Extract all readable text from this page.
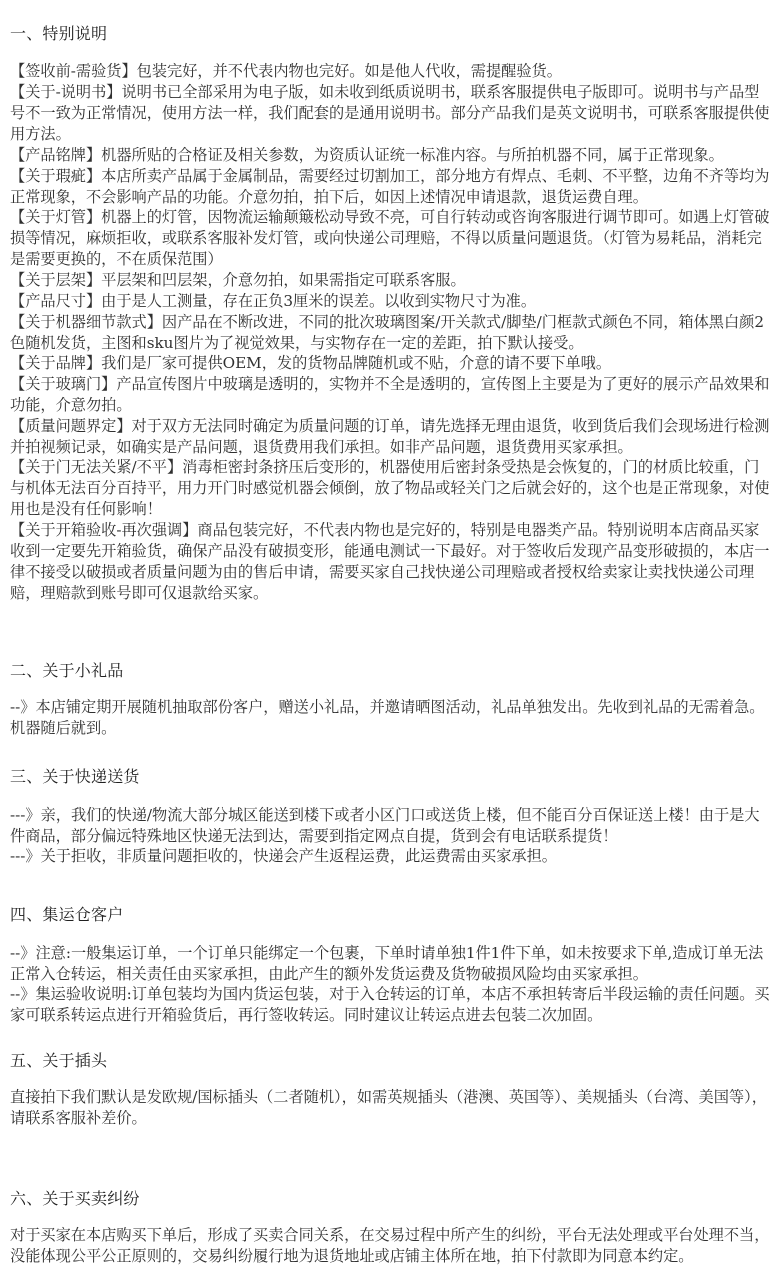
一、特别说明

【签收前-需验货】包装完好，并不代表内物也完好。如是他人代收，需提醒验货。

【关于-说明书】说明书已全部采用为电子版，如未收到纸质说明书，联系客服提供电子版即可。说明书与产品型号不一致为正常情况，使用方法一样，我们配套的是通用说明书。部分产品我们是英文说明书，可联系客服提供使用方法。

【产品铭牌】机器所贴的合格证及相关参数，为资质认证统一标准内容。与所拍机器不同，属于正常现象。

【关于瑕疵】本店所卖产品属于金属制品，需要经过切割加工，部分地方有焊点、毛刺、不平整，边角不齐等均为正常现象，不会影响产品的功能。介意勿拍，拍下后，如因上述情况申请退款，退货运费自理。

【关于灯管】机器上的灯管，因物流运输颠簸松动导致不亮，可自行转动或咨询客服进行调节即可。如遇上灯管破损等情况，麻烦拒收，或联系客服补发灯管，或向快递公司理赔，不得以质量问题退货。（灯管为易耗品，消耗完是需要更换的，不在质保范围）

【关于层架】平层架和凹层架，介意勿拍，如果需指定可联系客服。

【产品尺寸】由于是人工测量，存在正负3厘米的误差。以收到实物尺寸为准。

【关于机器细节款式】因产品在不断改进，不同的批次玻璃图案/开关款式/脚垫/门框款式颜色不同，箱体黑白颜2色随机发货，主图和sku图片为了视觉效果，与实物存在一定的差距，拍下默认接受。

【关于品牌】我们是厂家可提供OEM，发的货物品牌随机或不贴，介意的请不要下单哦。

【关于玻璃门】产品宣传图片中玻璃是透明的，实物并不全是透明的，宣传图上主要是为了更好的展示产品效果和功能，介意勿拍。

【质量问题界定】对于双方无法同时确定为质量问题的订单，请先选择无理由退货，收到货后我们会现场进行检测并拍视频记录，如确实是产品问题，退货费用我们承担。如非产品问题，退货费用买家承担。

【关于门无法关紧/不平】消毒柜密封条挤压后变形的，机器使用后密封条受热是会恢复的，门的材质比较重，门与机体无法百分百持平，用力开门时感觉机器会倾倒，放了物品或轻关门之后就会好的，这个也是正常现象，对使用也是没有任何影响！

【关于开箱验收-再次强调】商品包装完好，不代表内物也是完好的，特别是电器类产品。特别说明本店商品买家收到一定要先开箱验货，确保产品没有破损变形，能通电测试一下最好。对于签收后发现产品变形破损的，本店一律不接受以破损或者质量问题为由的售后申请，需要买家自己找快递公司理赔或者授权给卖家让卖找快递公司理赔，理赔款到账号即可仅退款给买家。

二、关于小礼品

--》本店铺定期开展随机抽取部份客户，赠送小礼品，并邀请晒图活动，礼品单独发出。先收到礼品的无需着急。机器随后就到。

三、关于快递送货

---》亲，我们的快递/物流大部分城区能送到楼下或者小区门口或送货上楼，但不能百分百保证送上楼！由于是大件商品，部分偏远特殊地区快递无法到达，需要到指定网点自提，货到会有电话联系提货！

---》关于拒收，非质量问题拒收的，快递会产生返程运费，此运费需由买家承担。

四、集运仓客户

--》注意:一般集运订单，一个订单只能绑定一个包裹，下单时请单独1件1件下单，如未按要求下单,造成订单无法正常入仓转运，相关责任由买家承担，由此产生的额外发货运费及货物破损风险均由买家承担。

--》集运验收说明:订单包装均为国内货运包装，对于入仓转运的订单，本店不承担转寄后半段运输的责任问题。买家可联系转运点进行开箱验货后，再行签收转运。同时建议让转运点进去包装二次加固。

五、关于插头

直接拍下我们默认是发欧规/国标插头（二者随机），如需英规插头（港澳、英国等）、美规插头（台湾、美国等），请联系客服补差价。

六、关于买卖纠纷

对于买家在本店购买下单后，形成了买卖合同关系，在交易过程中所产生的纠纷，平台无法处理或平台处理不当，没能体现公平公正原则的，交易纠纷履行地为退货地址或店铺主体所在地，拍下付款即为同意本约定。
